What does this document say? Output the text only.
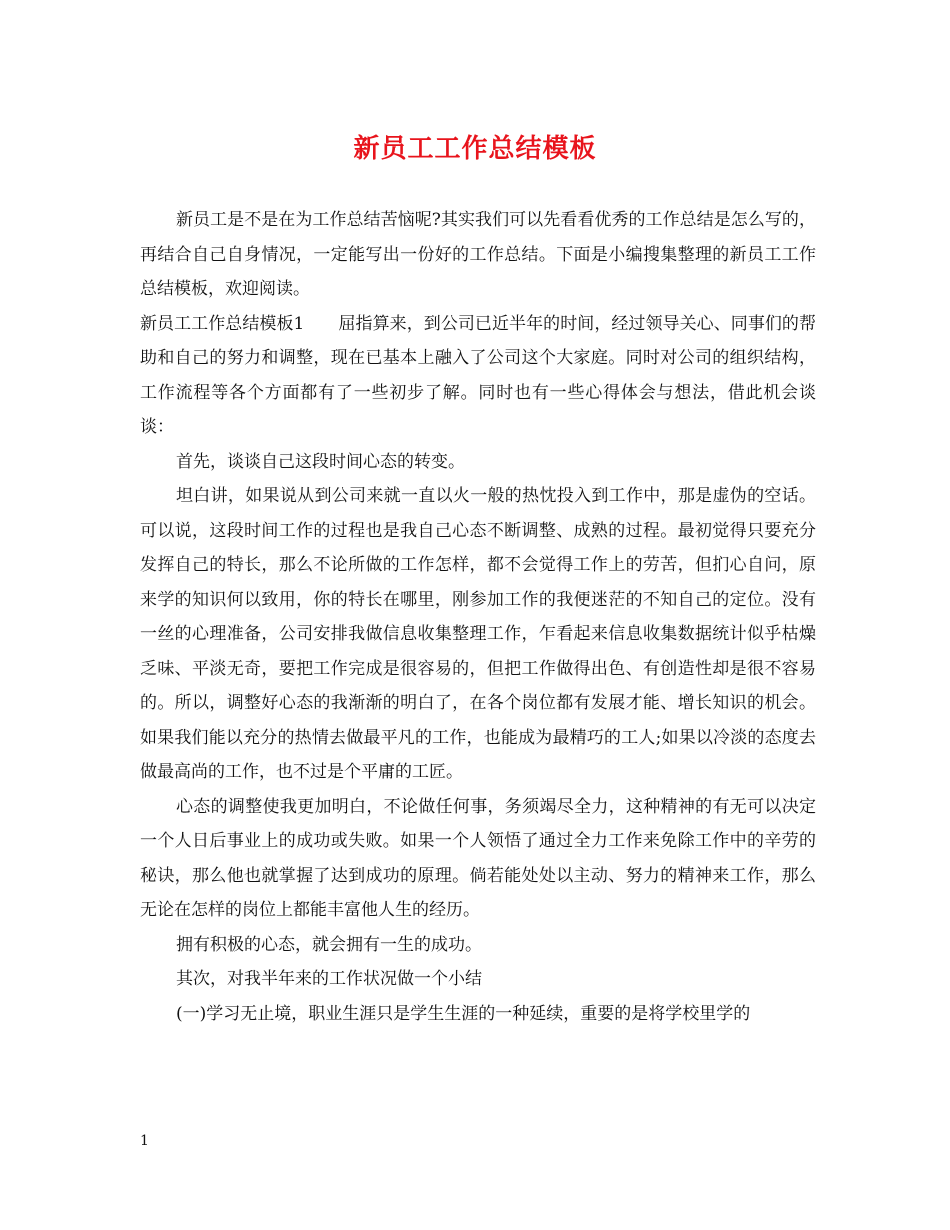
新员工工作总结模板

新员工是不是在为工作总结苦恼呢?其实我们可以先看看优秀的工作总结是怎么写的，再结合自己自身情况，一定能写出一份好的工作总结。下面是小编搜集整理的新员工工作总结模板，欢迎阅读。

新员工工作总结模板1　　屈指算来，到公司已近半年的时间，经过领导关心、同事们的帮助和自己的努力和调整，现在已基本上融入了公司这个大家庭。同时对公司的组织结构，工作流程等各个方面都有了一些初步了解。同时也有一些心得体会与想法，借此机会谈谈：

首先，谈谈自己这段时间心态的转变。

坦白讲，如果说从到公司来就一直以火一般的热忱投入到工作中，那是虚伪的空话。可以说，这段时间工作的过程也是我自己心态不断调整、成熟的过程。最初觉得只要充分发挥自己的特长，那么不论所做的工作怎样，都不会觉得工作上的劳苦，但扪心自问，原来学的知识何以致用，你的特长在哪里，刚参加工作的我便迷茫的不知自己的定位。没有一丝的心理准备，公司安排我做信息收集整理工作，乍看起来信息收集数据统计似乎枯燥乏味、平淡无奇，要把工作完成是很容易的，但把工作做得出色、有创造性却是很不容易的。所以，调整好心态的我渐渐的明白了，在各个岗位都有发展才能、增长知识的机会。如果我们能以充分的热情去做最平凡的工作，也能成为最精巧的工人;如果以冷淡的态度去做最高尚的工作，也不过是个平庸的工匠。

心态的调整使我更加明白，不论做任何事，务须竭尽全力，这种精神的有无可以决定一个人日后事业上的成功或失败。如果一个人领悟了通过全力工作来免除工作中的辛劳的秘诀，那么他也就掌握了达到成功的原理。倘若能处处以主动、努力的精神来工作，那么无论在怎样的岗位上都能丰富他人生的经历。

拥有积极的心态，就会拥有一生的成功。

其次，对我半年来的工作状况做一个小结

(一)学习无止境，职业生涯只是学生生涯的一种延续，重要的是将学校里学的

1
